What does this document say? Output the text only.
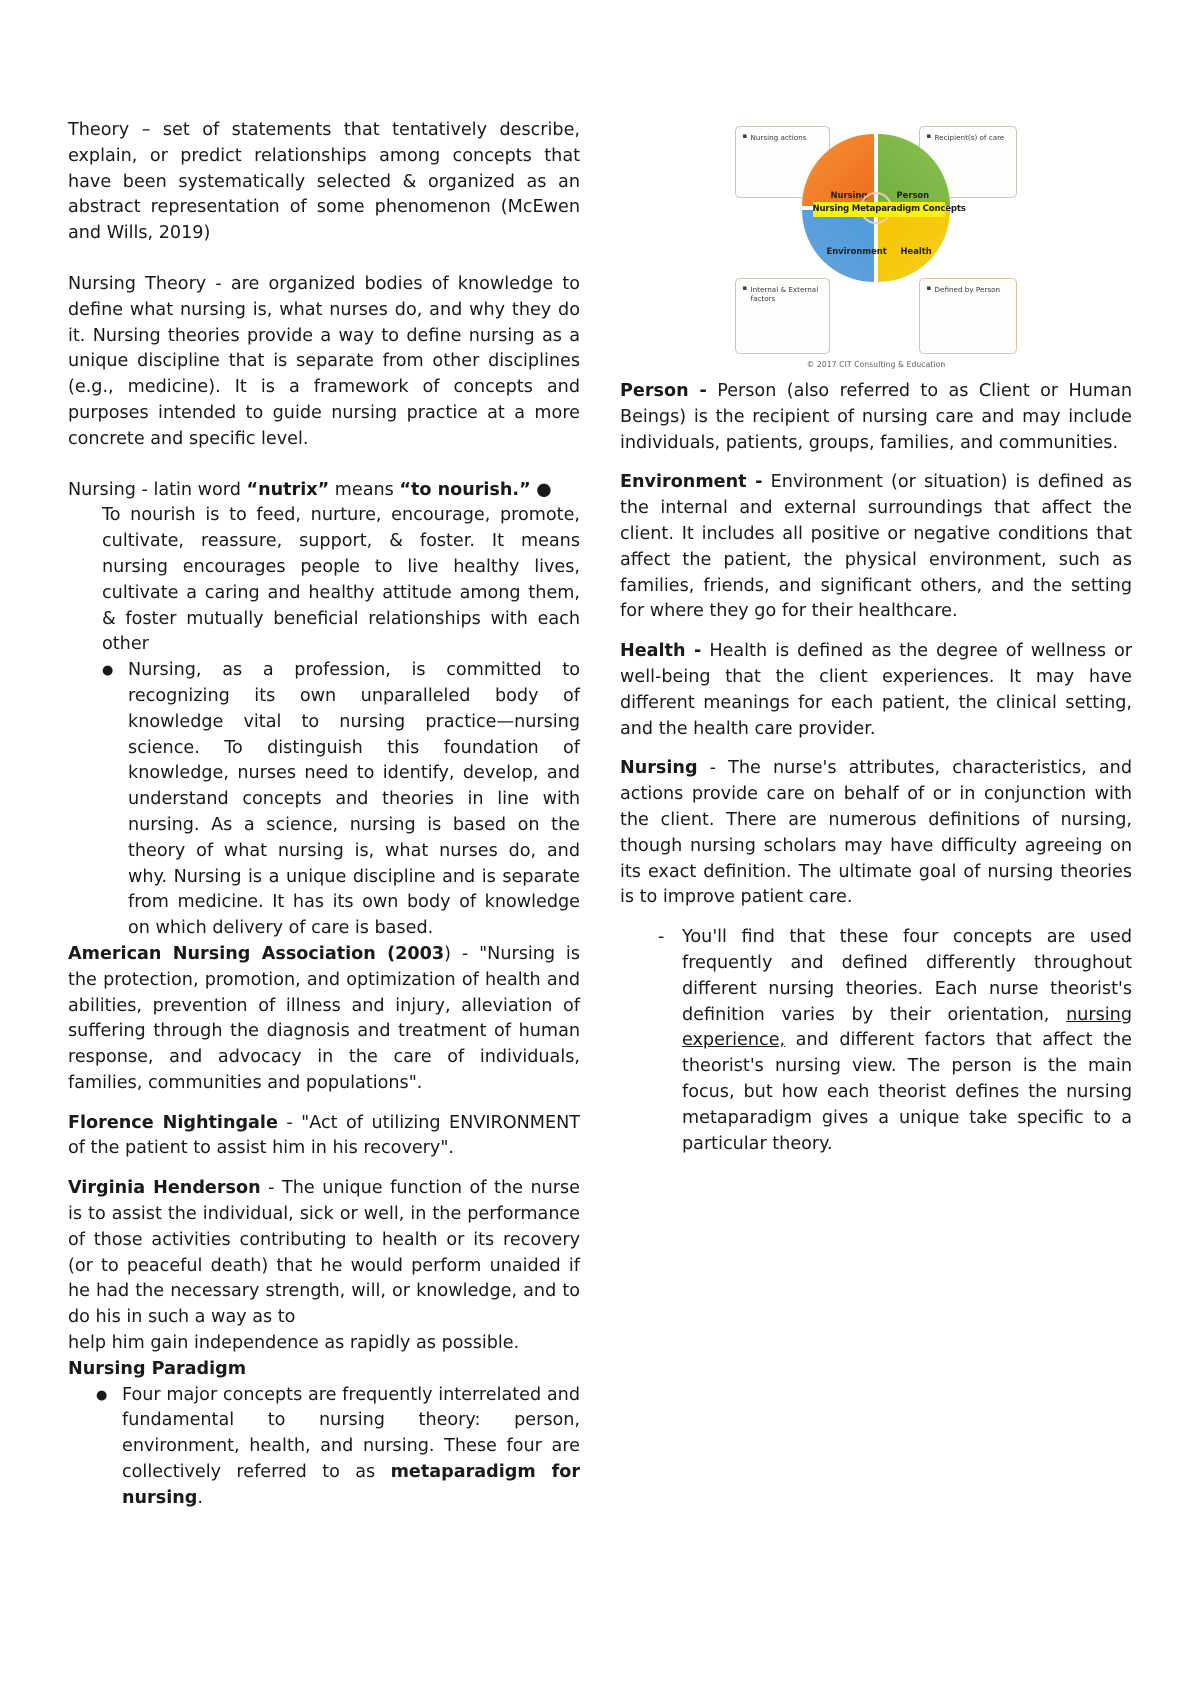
Theory – set of statements that tentatively describe, explain, or predict relationships among concepts that have been systematically selected & organized as an abstract representation of some phenomenon (McEwen and Wills, 2019)

Nursing Theory - are organized bodies of knowledge to define what nursing is, what nurses do, and why they do it. Nursing theories provide a way to define nursing as a unique discipline that is separate from other disciplines (e.g., medicine). It is a framework of concepts and purposes intended to guide nursing practice at a more concrete and specific level.

Nursing - latin word “nutrix” means “to nourish.” ●

To nourish is to feed, nurture, encourage, promote, cultivate, reassure, support, & foster. It means nursing encourages people to live healthy lives, cultivate a caring and healthy attitude among them, & foster mutually beneficial relationships with each other

● Nursing, as a profession, is committed to recognizing its own unparalleled body of knowledge vital to nursing practice—nursing science. To distinguish this foundation of knowledge, nurses need to identify, develop, and understand concepts and theories in line with nursing. As a science, nursing is based on the theory of what nursing is, what nurses do, and why. Nursing is a unique discipline and is separate from medicine. It has its own body of knowledge on which delivery of care is based.

American Nursing Association (2003) - "Nursing is the protection, promotion, and optimization of health and abilities, prevention of illness and injury, alleviation of suffering through the diagnosis and treatment of human response, and advocacy in the care of individuals, families, communities and populations".

Florence Nightingale - "Act of utilizing ENVIRONMENT of the patient to assist him in his recovery".

Virginia Henderson - The unique function of the nurse is to assist the individual, sick or well, in the performance of those activities contributing to health or its recovery (or to peaceful death) that he would perform unaided if he had the necessary strength, will, or knowledge, and to do his in such a way as to

help him gain independence as rapidly as possible.

Nursing Paradigm

● Four major concepts are frequently interrelated and fundamental to nursing theory: person, environment, health, and nursing. These four are collectively referred to as metaparadigm for nursing.

▪ Nursing actions	▪ Recipient(s) of care
▪ Internal & External factors
▪ Defined by Person
Nursing	Person
Environment Health
Nursing Metaparadigm Concepts
© 2017 CIT Consulting & Education

Person - Person (also referred to as Client or Human Beings) is the recipient of nursing care and may include individuals, patients, groups, families, and communities.

Environment - Environment (or situation) is defined as the internal and external surroundings that affect the client. It includes all positive or negative conditions that affect the patient, the physical environment, such as families, friends, and significant others, and the setting for where they go for their healthcare.

Health - Health is defined as the degree of wellness or well-being that the client experiences. It may have different meanings for each patient, the clinical setting, and the health care provider.

Nursing - The nurse's attributes, characteristics, and actions provide care on behalf of or in conjunction with the client. There are numerous definitions of nursing, though nursing scholars may have difficulty agreeing on its exact definition. The ultimate goal of nursing theories is to improve patient care.

- You'll find that these four concepts are used frequently and defined differently throughout different nursing theories. Each nurse theorist's definition varies by their orientation, nursing experience, and different factors that affect the theorist's nursing view. The person is the main focus, but how each theorist defines the nursing metaparadigm gives a unique take specific to a particular theory.
